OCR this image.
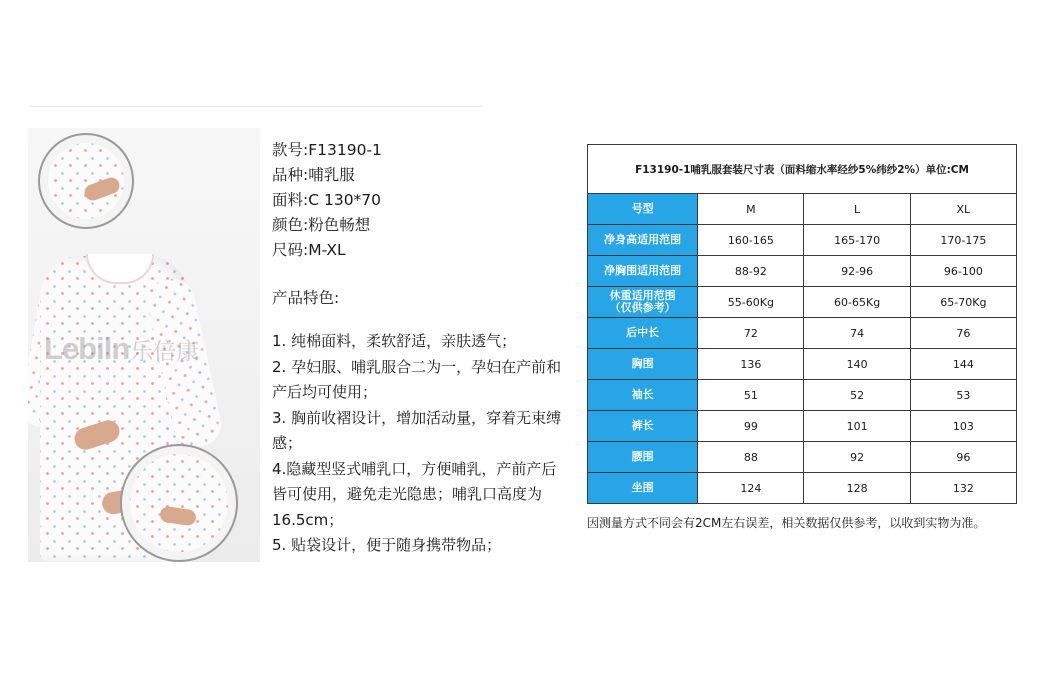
Lebiln乐倍康
款号:F13190-1
品种:哺乳服
面料:C 130*70
颜色:粉色畅想
尺码:M-XL
产品特色:

1. 纯棉面料，柔软舒适，亲肤透气；

2. 孕妇服、哺乳服合二为一，孕妇在产前和产后均可使用；

3. 胸前收褶设计，增加活动量，穿着无束缚感；

4.隐藏型竖式哺乳口，方便哺乳，产前产后皆可使用，避免走光隐患；哺乳口高度为16.5cm；

5. 贴袋设计，便于随身携带物品；

F13190-1哺乳服套装尺寸表（面料缩水率经纱5%纬纱2%）单位:CM			
号型	M	L	XL
净身高适用范围	160-165	165-170	170-175
净胸围适用范围	88-92	92-96	96-100

休重适用范围
（仅供参考）	55-60Kg	60-65Kg	65-70Kg
后中长	72	74	76
胸围	136	140	144
袖长	51	52	53
裤长	99	101	103
腰围	88	92	96
坐围	124	128	132
因测量方式不同会有2CM左右误差，相关数据仅供参考，以收到实物为准。
